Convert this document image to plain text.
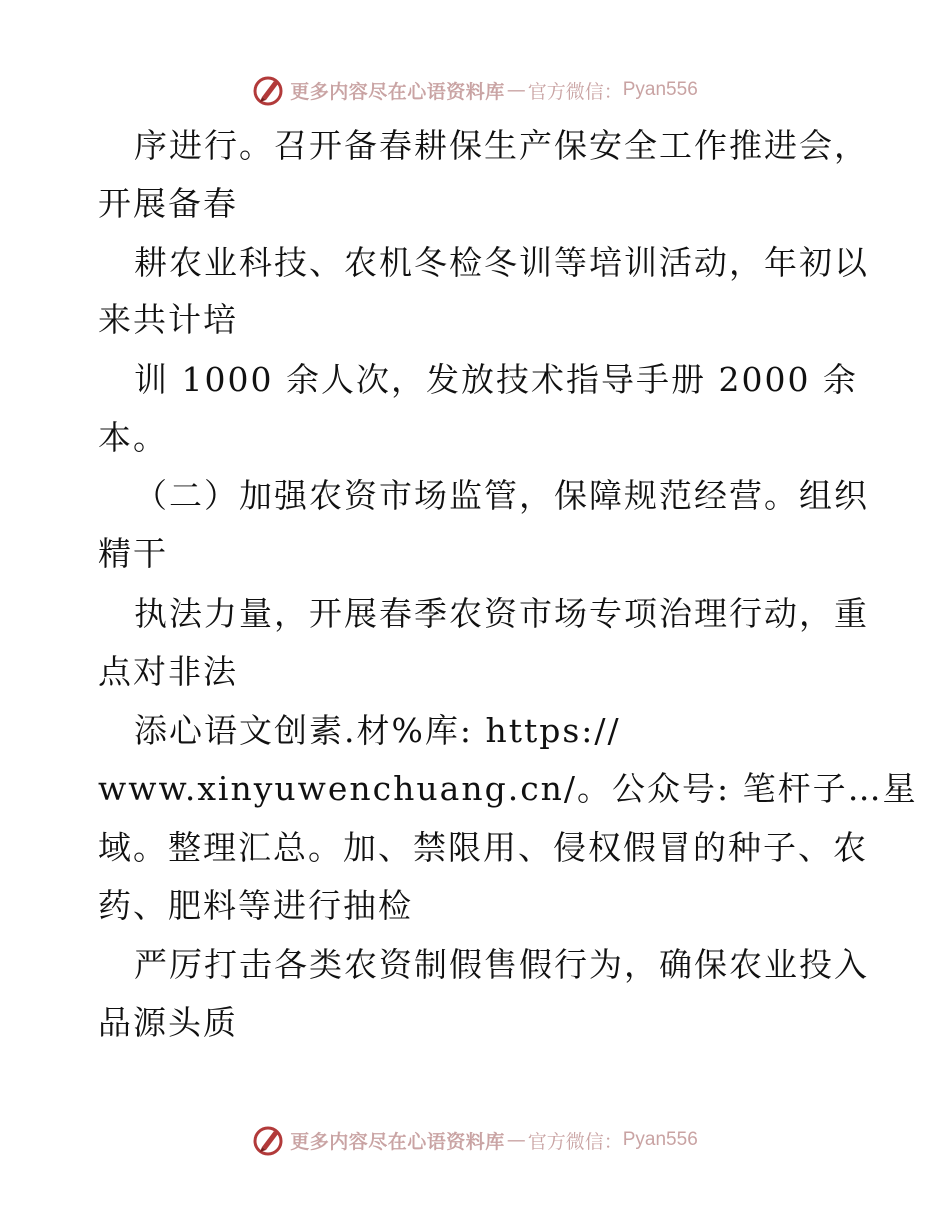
更多内容尽在心语资料库 — 官方微信： Pyan556
序进行。召开备春耕保生产保安全工作推进会，
开展备春
耕农业科技、农机冬检冬训等培训活动，年初以
来共计培
训 1000 余人次，发放技术指导手册 2000 余
本。
（二）加强农资市场监管，保障规范经营。组织
精干
执法力量，开展春季农资市场专项治理行动，重
点对非法
添心语文创素.材%库: https://
www.xinyuwenchuang.cn/。公众号: 笔杆子…星
域。整理汇总。加、禁限用、侵权假冒的种子、农
药、肥料等进行抽检
严厉打击各类农资制假售假行为，确保农业投入
品源头质
更多内容尽在心语资料库 — 官方微信： Pyan556
